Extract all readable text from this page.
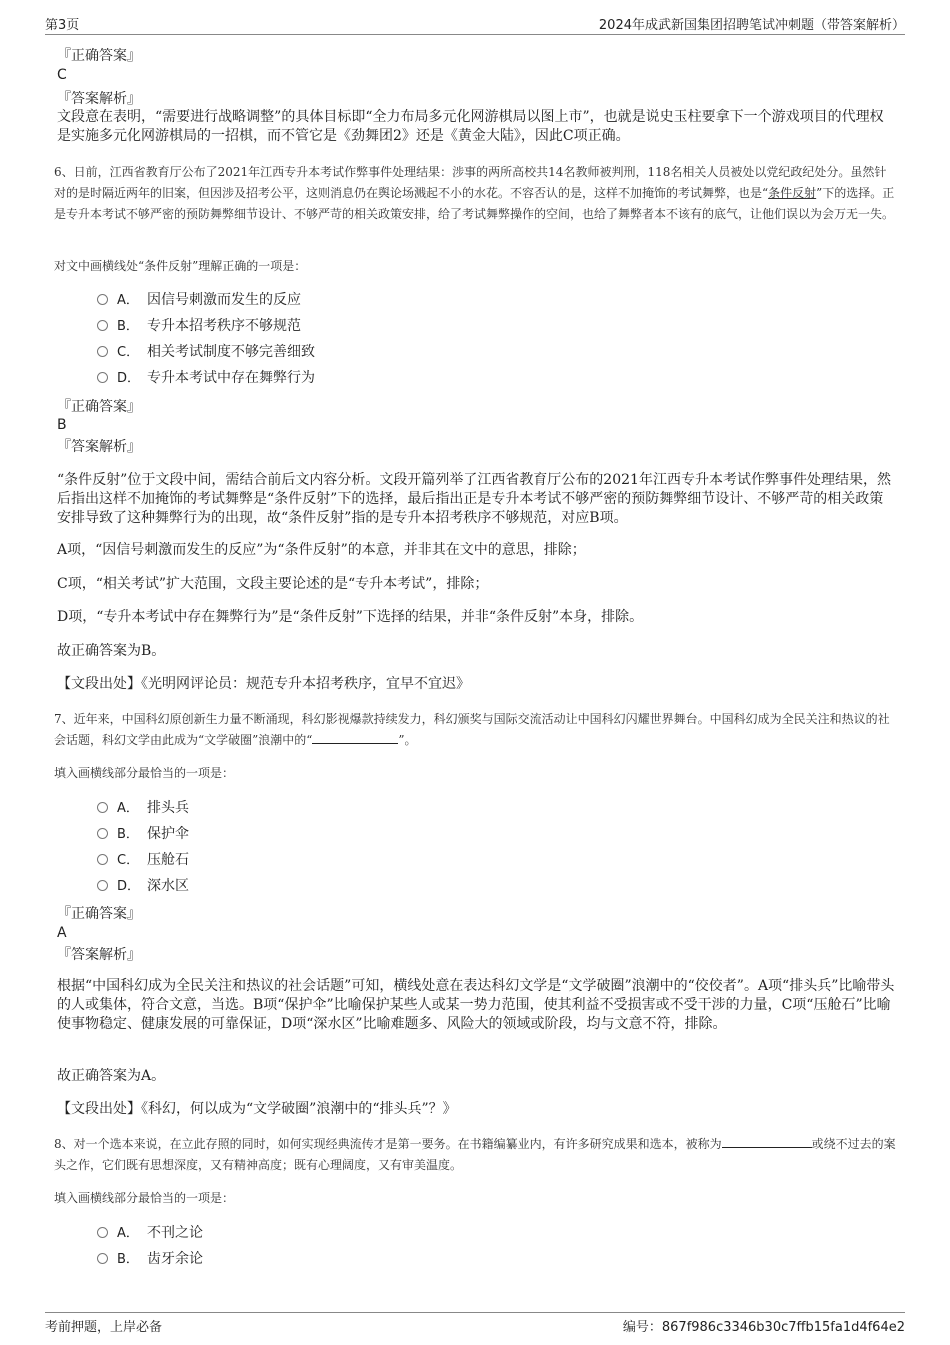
第3页	2024年成武新国集团招聘笔试冲刺题（带答案解析）
『正确答案』
C
『答案解析』
文段意在表明，“需要进行战略调整”的具体目标即“全力布局多元化网游棋局以图上市”，也就是说史玉柱要拿下一个游戏项目的代理权是实施多元化网游棋局的一招棋，而不管它是《劲舞团2》还是《黄金大陆》，因此C项正确。
6、日前，江西省教育厅公布了2021年江西专升本考试作弊事件处理结果：涉事的两所高校共14名教师被判刑，118名相关人员被处以党纪政纪处分。虽然针对的是时隔近两年的旧案，但因涉及招考公平，这则消息仍在舆论场溅起不小的水花。不容否认的是，这样不加掩饰的考试舞弊，也是“条件反射”下的选择。正是专升本考试不够严密的预防舞弊细节设计、不够严苛的相关政策安排，给了考试舞弊操作的空间，也给了舞弊者本不该有的底气，让他们误以为会万无一失。
对文中画横线处“条件反射”理解正确的一项是：
A． 因信号刺激而发生的反应
B． 专升本招考秩序不够规范
C． 相关考试制度不够完善细致
D． 专升本考试中存在舞弊行为
『正确答案』
B
『答案解析』
“条件反射”位于文段中间，需结合前后文内容分析。文段开篇列举了江西省教育厅公布的2021年江西专升本考试作弊事件处理结果，然后指出这样不加掩饰的考试舞弊是“条件反射”下的选择，最后指出正是专升本考试不够严密的预防舞弊细节设计、不够严苛的相关政策安排导致了这种舞弊行为的出现，故“条件反射”指的是专升本招考秩序不够规范，对应B项。
A项，“因信号刺激而发生的反应”为“条件反射”的本意，并非其在文中的意思，排除；
C项，“相关考试”扩大范围，文段主要论述的是“专升本考试”，排除；
D项，“专升本考试中存在舞弊行为”是“条件反射”下选择的结果，并非“条件反射”本身，排除。
故正确答案为B。
【文段出处】《光明网评论员：规范专升本招考秩序，宜早不宜迟》
7、近年来，中国科幻原创新生力量不断涌现，科幻影视爆款持续发力，科幻颁奖与国际交流活动让中国科幻闪耀世界舞台。中国科幻成为全民关注和热议的社会话题，科幻文学由此成为“文学破圈”浪潮中的“	”。
填入画横线部分最恰当的一项是：
A． 排头兵
B． 保护伞
C． 压舱石
D． 深水区
『正确答案』
A
『答案解析』
根据“中国科幻成为全民关注和热议的社会话题”可知，横线处意在表达科幻文学是“文学破圈”浪潮中的“佼佼者”。A项“排头兵”比喻带头的人或集体，符合文意，当选。B项“保护伞”比喻保护某些人或某一势力范围，使其利益不受损害或不受干涉的力量，C项“压舱石”比喻使事物稳定、健康发展的可靠保证，D项“深水区”比喻难题多、风险大的领域或阶段，均与文意不符，排除。
故正确答案为A。
【文段出处】《科幻，何以成为“文学破圈”浪潮中的“排头兵”？》
8、对一个选本来说，在立此存照的同时，如何实现经典流传才是第一要务。在书籍编纂业内，有许多研究成果和选本，被称为	或绕不过去的案头之作，它们既有思想深度，又有精神高度；既有心理阔度，又有审美温度。
填入画横线部分最恰当的一项是：
A． 不刊之论
B． 齿牙余论
考前押题，上岸必备	编号：867f986c3346b30c7ffb15fa1d4f64e2
